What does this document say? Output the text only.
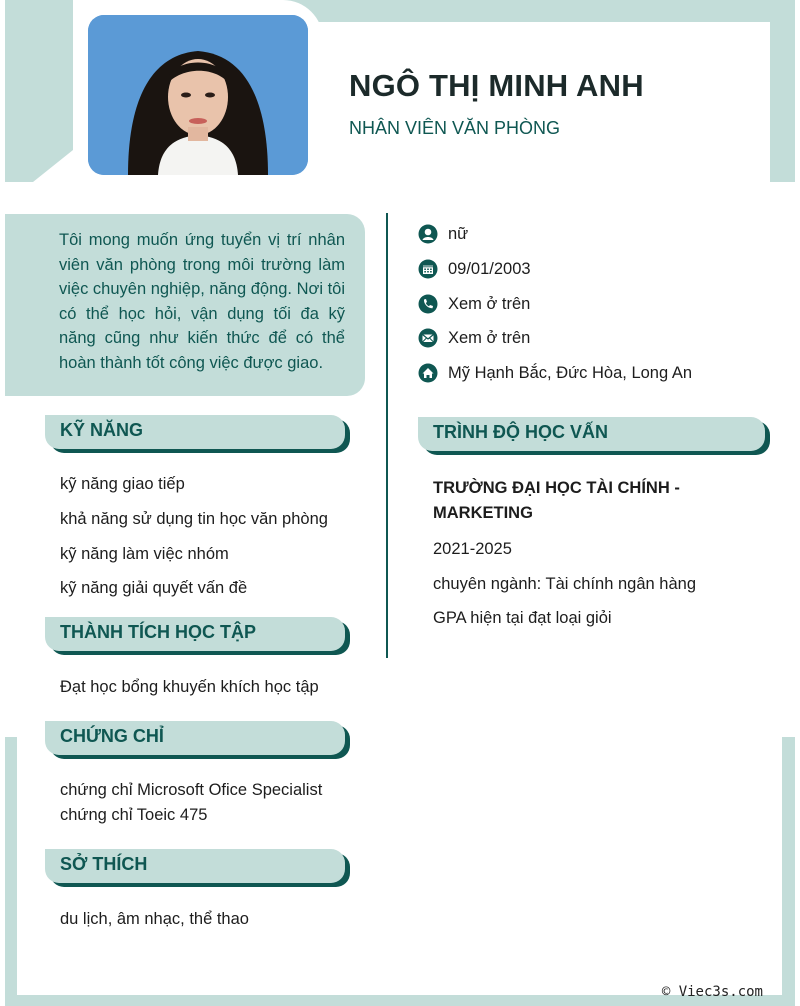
NGÔ THỊ MINH ANH
NHÂN VIÊN VĂN PHÒNG
Tôi mong muốn ứng tuyển vị trí nhân viên văn phòng trong môi trường làm việc chuyên nghiệp, năng động. Nơi tôi có thể học hỏi, vận dụng tối đa kỹ năng cũng như kiến thức để có thể hoàn thành tốt công việc được giao.
nữ
09/01/2003
Xem ở trên
Xem ở trên
Mỹ Hạnh Bắc, Đức Hòa, Long An
KỸ NĂNG
kỹ năng giao tiếp
khả năng sử dụng tin học văn phòng
kỹ năng làm việc nhóm
kỹ năng giải quyết vấn đề
THÀNH TÍCH HỌC TẬP
Đạt học bổng khuyến khích học tập
CHỨNG CHỈ
chứng chỉ Microsoft Ofice Specialist
chứng chỉ Toeic 475
SỞ THÍCH
du lịch, âm nhạc, thể thao
TRÌNH ĐỘ HỌC VẤN
TRƯỜNG ĐẠI HỌC TÀI CHÍNH - MARKETING
2021-2025
chuyên ngành: Tài chính ngân hàng
GPA hiện tại đạt loại giỏi
© Viec3s.com
